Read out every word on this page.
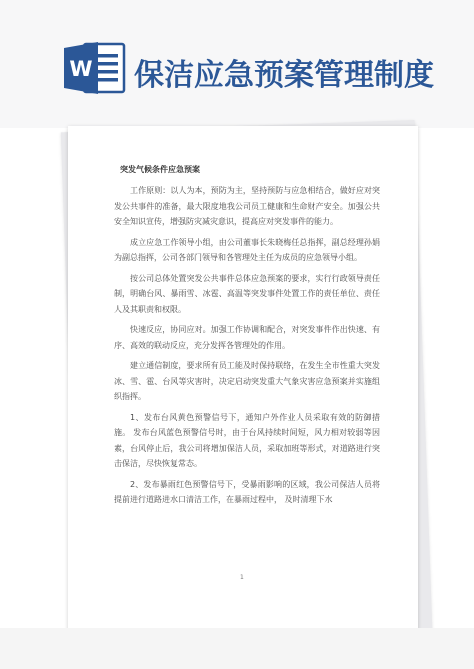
W 保洁应急预案管理制度
突发气候条件应急预案

工作原则：以人为本，预防为主，坚持预防与应急相结合，做好应对突发公共事件的准备，最大限度地我公司员工健康和生命财产安全。加强公共安全知识宣传，增强防灾减灾意识，提高应对突发事件的能力。

成立应急工作领导小组，由公司董事长朱晓梅任总指挥，副总经理孙娟为副总指挥，公司各部门领导和各管理处主任为成员的应急领导小组。

按公司总体处置突发公共事件总体应急预案的要求，实行行政领导责任制，明确台风、暴雨雪、冰雹、高温等突发事件处置工作的责任单位、责任人及其职责和权限。

快速反应，协同应对。加强工作协调和配合，对突发事件作出快速、有序、高效的联动反应，充分发挥各管理处的作用。

建立通信制度，要求所有员工能及时保持联络，在发生全市性重大突发冰、雪、雹、台风等灾害时，决定启动突发重大气象灾害应急预案并实施组织指挥。

1、发布台风黄色预警信号下，通知户外作业人员采取有效的防御措施。 发布台风蓝色预警信号时，由于台风持续时间短，风力相对较弱等因素，台风停止后，我公司将增加保洁人员，采取加班等形式，对道路进行突击保洁，尽快恢复常态。

2、发布暴雨红色预警信号下，受暴雨影响的区域，我公司保洁人员将提前进行道路进水口清洁工作，在暴雨过程中， 及时清理下水

1
